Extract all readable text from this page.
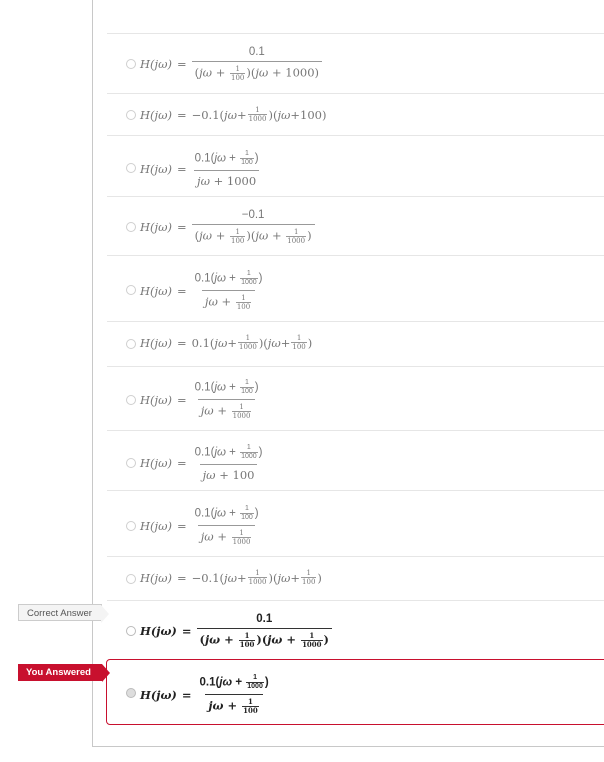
$H(j\omega) = \frac{0.1}{(j\omega + \frac{1}{100} )(j\omega + 1000)}$
H(jω) = −0.1 ( $j\omega + \frac{1}{1000}$ )( jω + 100 )
$H(j\omega) = \frac{0.1(j\omega + \frac{1}{100} )}{j\omega + 1000}$
$H(j\omega) = \frac{-0.1}{(j\omega + \frac{1}{100} )(j\omega + \frac{1}{1000} )}$
$H(j\omega) = \frac{0.1(j\omega + \frac{1}{1000} )}{j\omega + \frac{1}{100}}$
H(jω) = 0.1 ( $j\omega + \frac{1}{1000}$ )( $j\omega + \frac{1}{100}$ )
$H(j\omega) = \frac{0.1(j\omega + \frac{1}{100} )}{j\omega + \frac{1}{1000}}$
$H(j\omega) = \frac{0.1(j\omega + \frac{1}{1000} )}{j\omega + 100}$
$H(j\omega) = \frac{0.1(j\omega + \frac{1}{100} )}{j\omega + \frac{1}{1000}}$
H(jω) = −0.1 ( $j\omega + \frac{1}{1000}$ )( $j\omega + \frac{1}{100}$ )
$H(j\omega) = \frac{0.1}{(j\omega + \frac{1}{100} )(j\omega + \frac{1}{1000} )}$
Correct Answer
$H(j\omega) = \frac{0.1(j\omega + \frac{1}{1000} )}{j\omega + \frac{1}{100}}$
You Answered
